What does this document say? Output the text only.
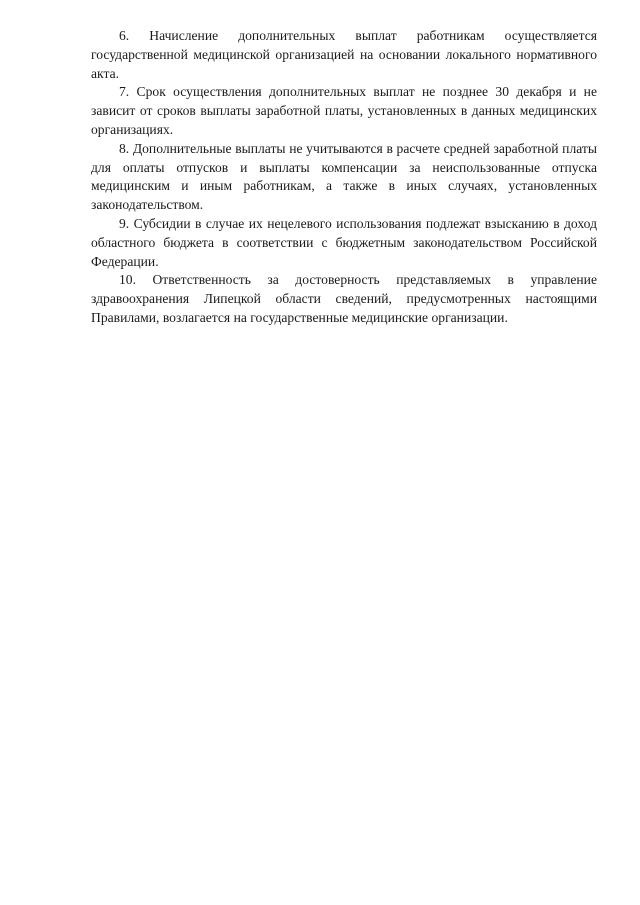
6. Начисление дополнительных выплат работникам осуществляется государственной медицинской организацией на основании локального нормативного акта.

7. Срок осуществления дополнительных выплат не позднее 30 декабря и не зависит от сроков выплаты заработной платы, установленных в данных медицинских организациях.

8. Дополнительные выплаты не учитываются в расчете средней заработной платы для оплаты отпусков и выплаты компенсации за неиспользованные отпуска медицинским и иным работникам, а также в иных случаях, установленных законодательством.

9. Субсидии в случае их нецелевого использования подлежат взысканию в доход областного бюджета в соответствии с бюджетным законодательством Российской Федерации.

10. Ответственность за достоверность представляемых в управление здравоохранения Липецкой области сведений, предусмотренных настоящими Правилами, возлагается на государственные медицинские организации.
